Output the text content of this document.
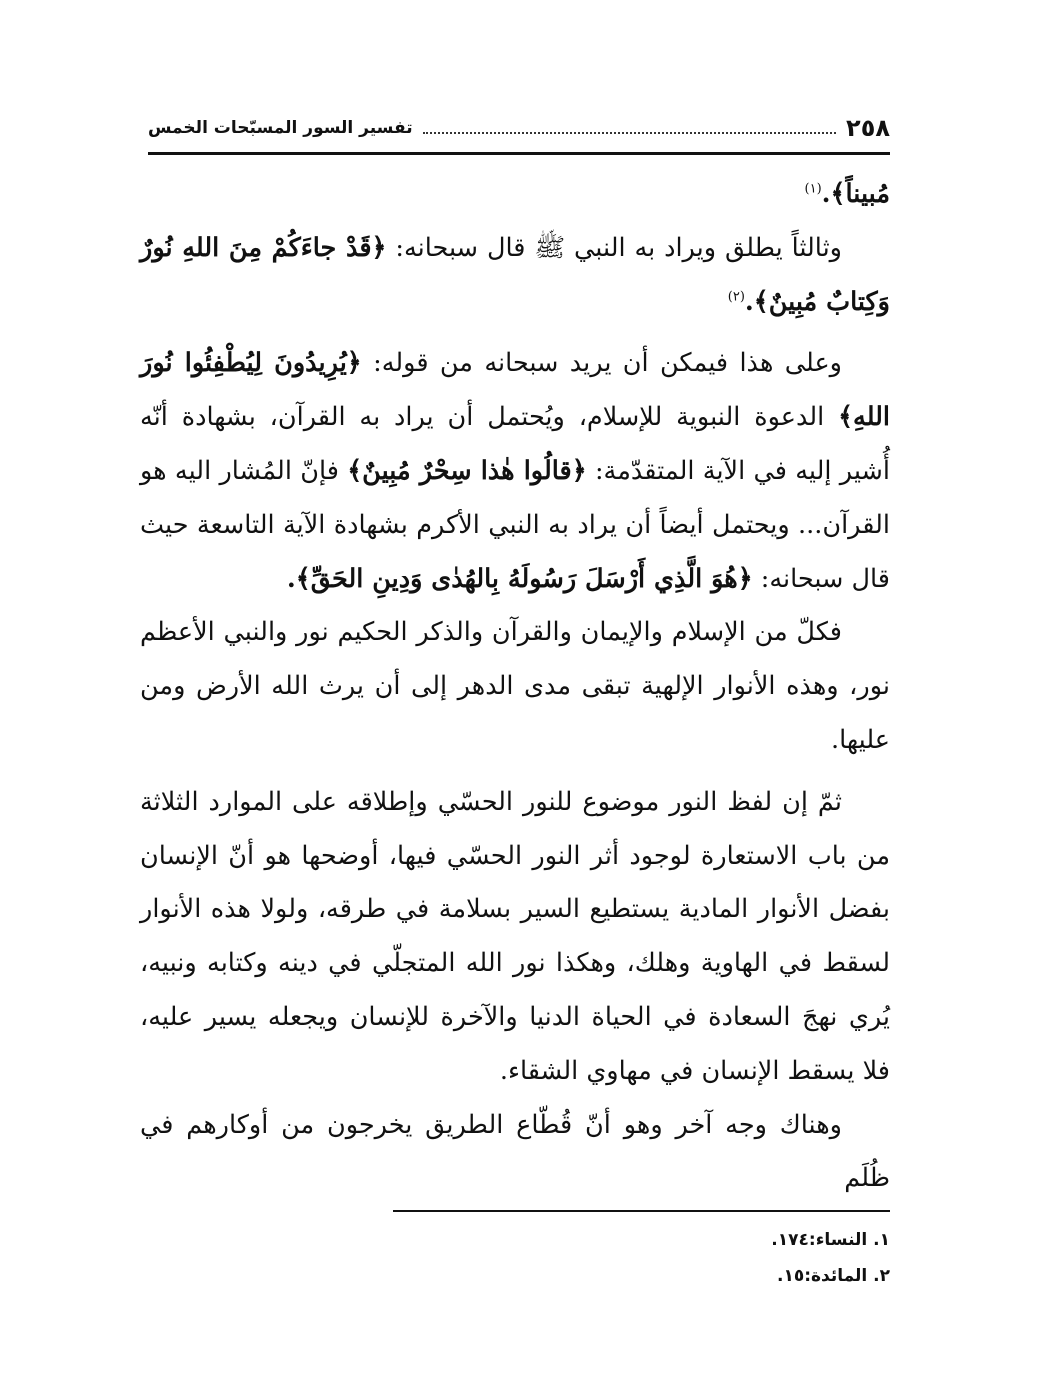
٢٥٨
تفسير السور المسبّحات الخمس

مُبيناً﴾.$^{(١)}$

وثالثاً يطلق ويراد به النبي ﷺ قال سبحانه: ﴿قَدْ جاءَكُمْ مِنَ اللهِ نُورٌ وَكِتابٌ مُبِينٌ﴾.$^{(٢)}$

وعلى هذا فيمكن أن يريد سبحانه من قوله: ﴿يُرِيدُونَ لِيُطْفِئُوا نُورَ اللهِ﴾ الدعوة النبوية للإسلام، ويُحتمل أن يراد به القرآن، بشهادة أنّه أُشير إليه في الآية المتقدّمة: ﴿قالُوا هٰذا سِحْرٌ مُبِينٌ﴾ فإنّ المُشار اليه هو القرآن... ويحتمل أيضاً أن يراد به النبي الأكرم بشهادة الآية التاسعة حيث قال سبحانه: ﴿هُوَ الَّذِي أَرْسَلَ رَسُولَهُ بِالهُدٰى وَدِينِ الحَقِّ﴾.

فكلّ من الإسلام والإيمان والقرآن والذكر الحكيم نور والنبي الأعظم نور، وهذه الأنوار الإلهية تبقى مدى الدهر إلى أن يرث الله الأرض ومن عليها.

ثمّ إن لفظ النور موضوع للنور الحسّي وإطلاقه على الموارد الثلاثة من باب الاستعارة لوجود أثر النور الحسّي فيها، أوضحها هو أنّ الإنسان بفضل الأنوار المادية يستطيع السير بسلامة في طرقه، ولولا هذه الأنوار لسقط في الهاوية وهلك، وهكذا نور الله المتجلّي في دينه وكتابه ونبيه، يُري نهجَ السعادة في الحياة الدنيا والآخرة للإنسان ويجعله يسير عليه، فلا يسقط الإنسان في مهاوي الشقاء.

وهناك وجه آخر وهو أنّ قُطّاع الطريق يخرجون من أوكارهم في ظُلَم

١. النساء:١٧٤.
٢. المائدة:١٥.
